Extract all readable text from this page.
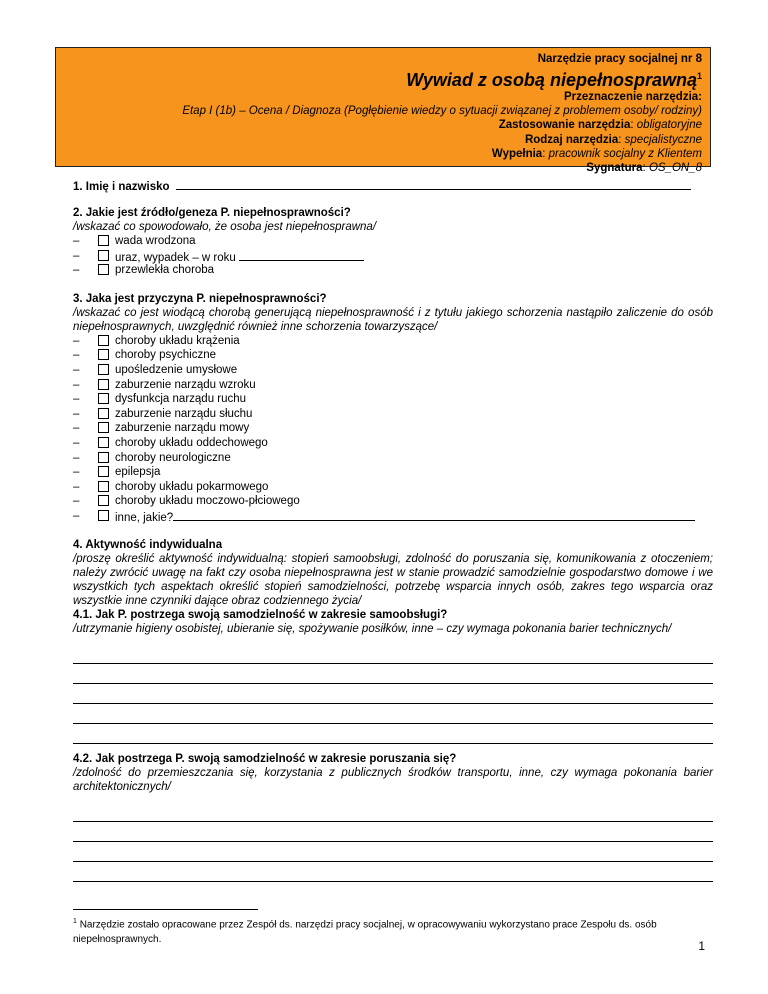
Narzędzie pracy socjalnej nr 8
Wywiad z osobą niepełnosprawną$^1$
Przeznaczenie narzędzia:
Etap I (1b) – Ocena / Diagnoza (Pogłębienie wiedzy o sytuacji związanej z problemem osoby/ rodziny)
Zastosowanie narzędzia: obligatoryjne
Rodzaj narzędzia: specjalistyczne
Wypełnia: pracownik socjalny z Klientem
Sygnatura: OS_ON_8
1. Imię i nazwisko
2. Jakie jest źródło/geneza P. niepełnosprawności?
/wskazać co spowodowało, że osoba jest niepełnosprawna/
–	wada wrodzona
–	uraz, wypadek – w roku
–	przewlekła choroba
3. Jaka jest przyczyna P. niepełnosprawności?
/wskazać co jest wiodącą chorobą generującą niepełnosprawność i z tytułu jakiego schorzenia nastąpiło zaliczenie do osób niepełnosprawnych, uwzględnić również inne schorzenia towarzyszące/
–	choroby układu krążenia
–	choroby psychiczne
–	upośledzenie umysłowe
–	zaburzenie narządu wzroku
–	dysfunkcja narządu ruchu
–	zaburzenie narządu słuchu
–	zaburzenie narządu mowy
–	choroby układu oddechowego
–	choroby neurologiczne
–	epilepsja
–	choroby układu pokarmowego
–	choroby układu moczowo-płciowego
–	inne, jakie?
4. Aktywność indywidualna
/proszę określić aktywność indywidualną: stopień samoobsługi, zdolność do poruszania się, komunikowania z otoczeniem; należy zwrócić uwagę na fakt czy osoba niepełnosprawna jest w stanie prowadzić samodzielnie gospodarstwo domowe i we wszystkich tych aspektach określić stopień samodzielności, potrzebę wsparcia innych osób, zakres tego wsparcia oraz wszystkie inne czynniki dające obraz codziennego życia/
4.1. Jak P. postrzega swoją samodzielność w zakresie samoobsługi?
/utrzymanie higieny osobistej, ubieranie się, spożywanie posiłków, inne – czy wymaga pokonania barier technicznych/
4.2. Jak postrzega P. swoją samodzielność w zakresie poruszania się?
/zdolność do przemieszczania się, korzystania z publicznych środków transportu, inne, czy wymaga pokonania barier architektonicznych/
$^1$ Narzędzie zostało opracowane przez Zespół ds. narzędzi pracy socjalnej, w opracowywaniu wykorzystano prace Zespołu ds. osób niepełnosprawnych.	1
